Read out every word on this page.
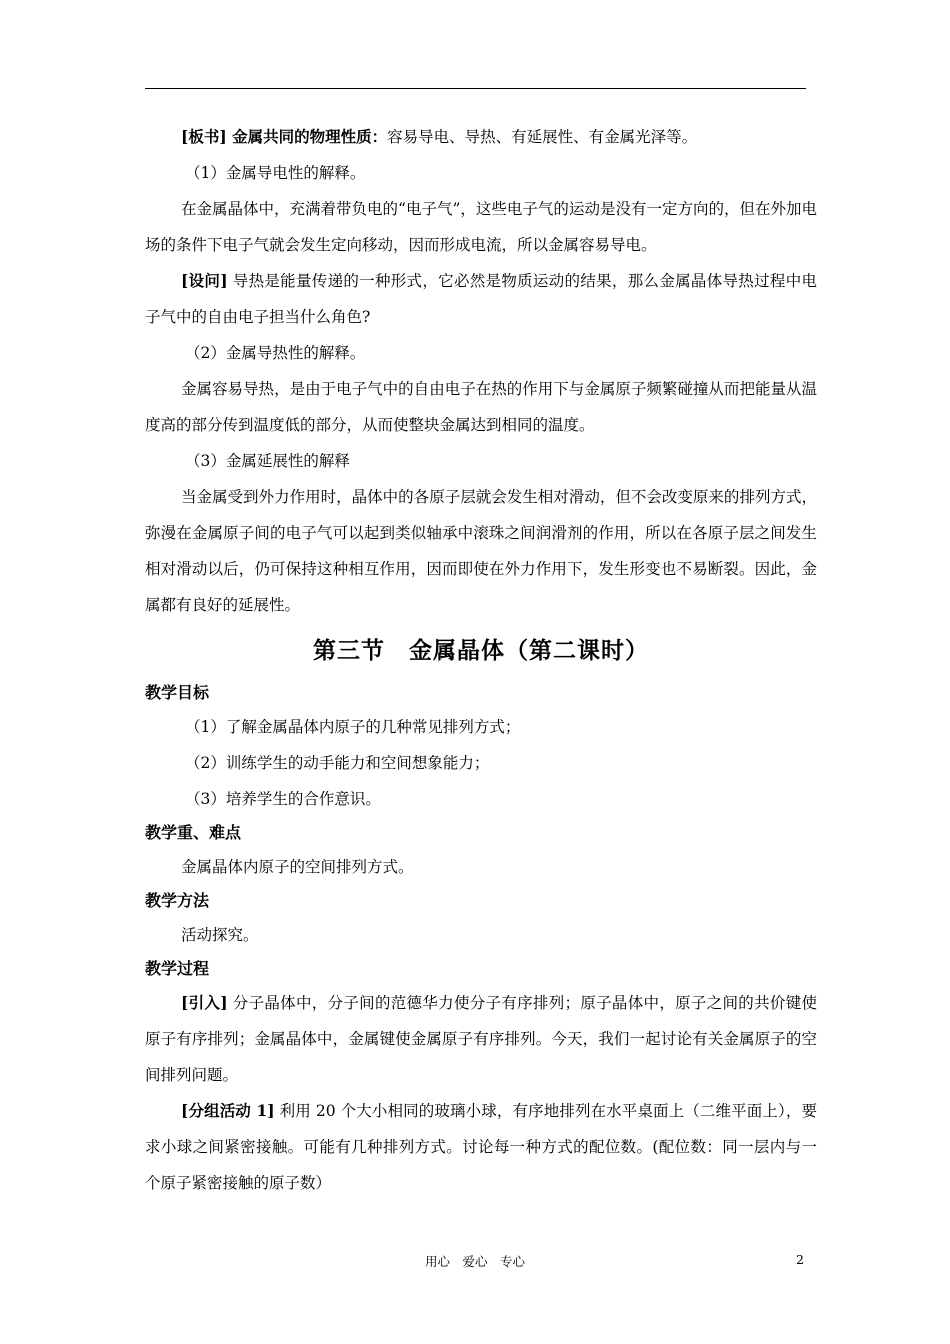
[板书] 金属共同的物理性质：容易导电、导热、有延展性、有金属光泽等。

（1）金属导电性的解释。

在金属晶体中，充满着带负电的“电子气”，这些电子气的运动是没有一定方向的，但在外加电场的条件下电子气就会发生定向移动，因而形成电流，所以金属容易导电。

[设问] 导热是能量传递的一种形式，它必然是物质运动的结果，那么金属晶体导热过程中电子气中的自由电子担当什么角色?

（2）金属导热性的解释。

金属容易导热，是由于电子气中的自由电子在热的作用下与金属原子频繁碰撞从而把能量从温度高的部分传到温度低的部分，从而使整块金属达到相同的温度。

（3）金属延展性的解释

当金属受到外力作用时，晶体中的各原子层就会发生相对滑动，但不会改变原来的排列方式，弥漫在金属原子间的电子气可以起到类似轴承中滚珠之间润滑剂的作用，所以在各原子层之间发生相对滑动以后，仍可保持这种相互作用，因而即使在外力作用下，发生形变也不易断裂。因此，金属都有良好的延展性。

第三节　金属晶体（第二课时）

教学目标

（1）了解金属晶体内原子的几种常见排列方式；

（2）训练学生的动手能力和空间想象能力；

（3）培养学生的合作意识。

教学重、难点

金属晶体内原子的空间排列方式。

教学方法

活动探究。

教学过程

[引入] 分子晶体中，分子间的范德华力使分子有序排列；原子晶体中，原子之间的共价键使原子有序排列；金属晶体中，金属键使金属原子有序排列。今天，我们一起讨论有关金属原子的空间排列问题。

[分组活动 1] 利用 20 个大小相同的玻璃小球，有序地排列在水平桌面上（二维平面上），要求小球之间紧密接触。可能有几种排列方式。讨论每一种方式的配位数。(配位数：同一层内与一个原子紧密接触的原子数）

用心　爱心　专心	2
